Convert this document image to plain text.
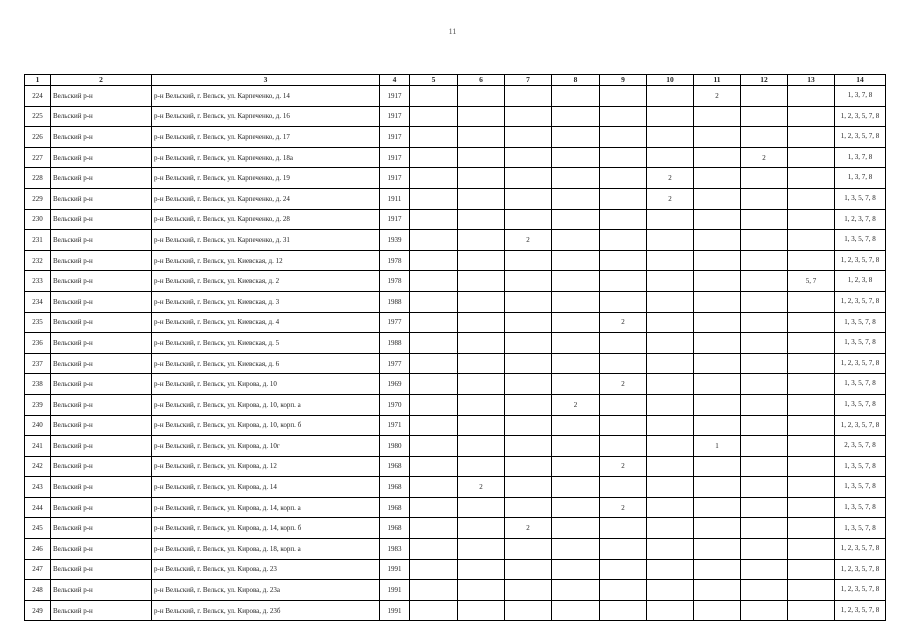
11
1	2	3	4	5	6	7	8	9	10	11	12	13	14
224	Вельский р-н	р-н Вельский, г. Вельск, ул. Карпеченко, д. 14	1917							2			1, 3, 7, 8
225	Вельский р-н	р-н Вельский, г. Вельск, ул. Карпеченко, д. 16	1917										1, 2, 3, 5, 7, 8
226	Вельский р-н	р-н Вельский, г. Вельск, ул. Карпеченко, д. 17	1917										1, 2, 3, 5, 7, 8
227	Вельский р-н	р-н Вельский, г. Вельск, ул. Карпеченко, д. 18а	1917								2		1, 3, 7, 8
228	Вельский р-н	р-н Вельский, г. Вельск, ул. Карпеченко, д. 19	1917						2				1, 3, 7, 8
229	Вельский р-н	р-н Вельский, г. Вельск, ул. Карпеченко, д. 24	1911						2				1, 3, 5, 7, 8
230	Вельский р-н	р-н Вельский, г. Вельск, ул. Карпеченко, д. 28	1917										1, 2, 3, 7, 8
231	Вельский р-н	р-н Вельский, г. Вельск, ул. Карпеченко, д. 31	1939			2							1, 3, 5, 7, 8
232	Вельский р-н	р-н Вельский, г. Вельск, ул. Киевская, д. 12	1978										1, 2, 3, 5, 7, 8
233	Вельский р-н	р-н Вельский, г. Вельск, ул. Киевская, д. 2	1978									5, 7	1, 2, 3, 8
234	Вельский р-н	р-н Вельский, г. Вельск, ул. Киевская, д. 3	1988										1, 2, 3, 5, 7, 8
235	Вельский р-н	р-н Вельский, г. Вельск, ул. Киевская, д. 4	1977					2					1, 3, 5, 7, 8
236	Вельский р-н	р-н Вельский, г. Вельск, ул. Киевская, д. 5	1988										1, 3, 5, 7, 8
237	Вельский р-н	р-н Вельский, г. Вельск, ул. Киевская, д. 6	1977										1, 2, 3, 5, 7, 8
238	Вельский р-н	р-н Вельский, г. Вельск, ул. Кирова, д. 10	1969					2					1, 3, 5, 7, 8
239	Вельский р-н	р-н Вельский, г. Вельск, ул. Кирова, д. 10, корп. а	1970				2						1, 3, 5, 7, 8
240	Вельский р-н	р-н Вельский, г. Вельск, ул. Кирова, д. 10, корп. б	1971										1, 2, 3, 5, 7, 8
241	Вельский р-н	р-н Вельский, г. Вельск, ул. Кирова, д. 10г	1980							1			2, 3, 5, 7, 8
242	Вельский р-н	р-н Вельский, г. Вельск, ул. Кирова, д. 12	1968					2					1, 3, 5, 7, 8
243	Вельский р-н	р-н Вельский, г. Вельск, ул. Кирова, д. 14	1968		2								1, 3, 5, 7, 8
244	Вельский р-н	р-н Вельский, г. Вельск, ул. Кирова, д. 14, корп. а	1968					2					1, 3, 5, 7, 8
245	Вельский р-н	р-н Вельский, г. Вельск, ул. Кирова, д. 14, корп. б	1968			2							1, 3, 5, 7, 8
246	Вельский р-н	р-н Вельский, г. Вельск, ул. Кирова, д. 18, корп. а	1983										1, 2, 3, 5, 7, 8
247	Вельский р-н	р-н Вельский, г. Вельск, ул. Кирова, д. 23	1991										1, 2, 3, 5, 7, 8
248	Вельский р-н	р-н Вельский, г. Вельск, ул. Кирова, д. 23а	1991										1, 2, 3, 5, 7, 8
249	Вельский р-н	р-н Вельский, г. Вельск, ул. Кирова, д. 23б	1991										1, 2, 3, 5, 7, 8
